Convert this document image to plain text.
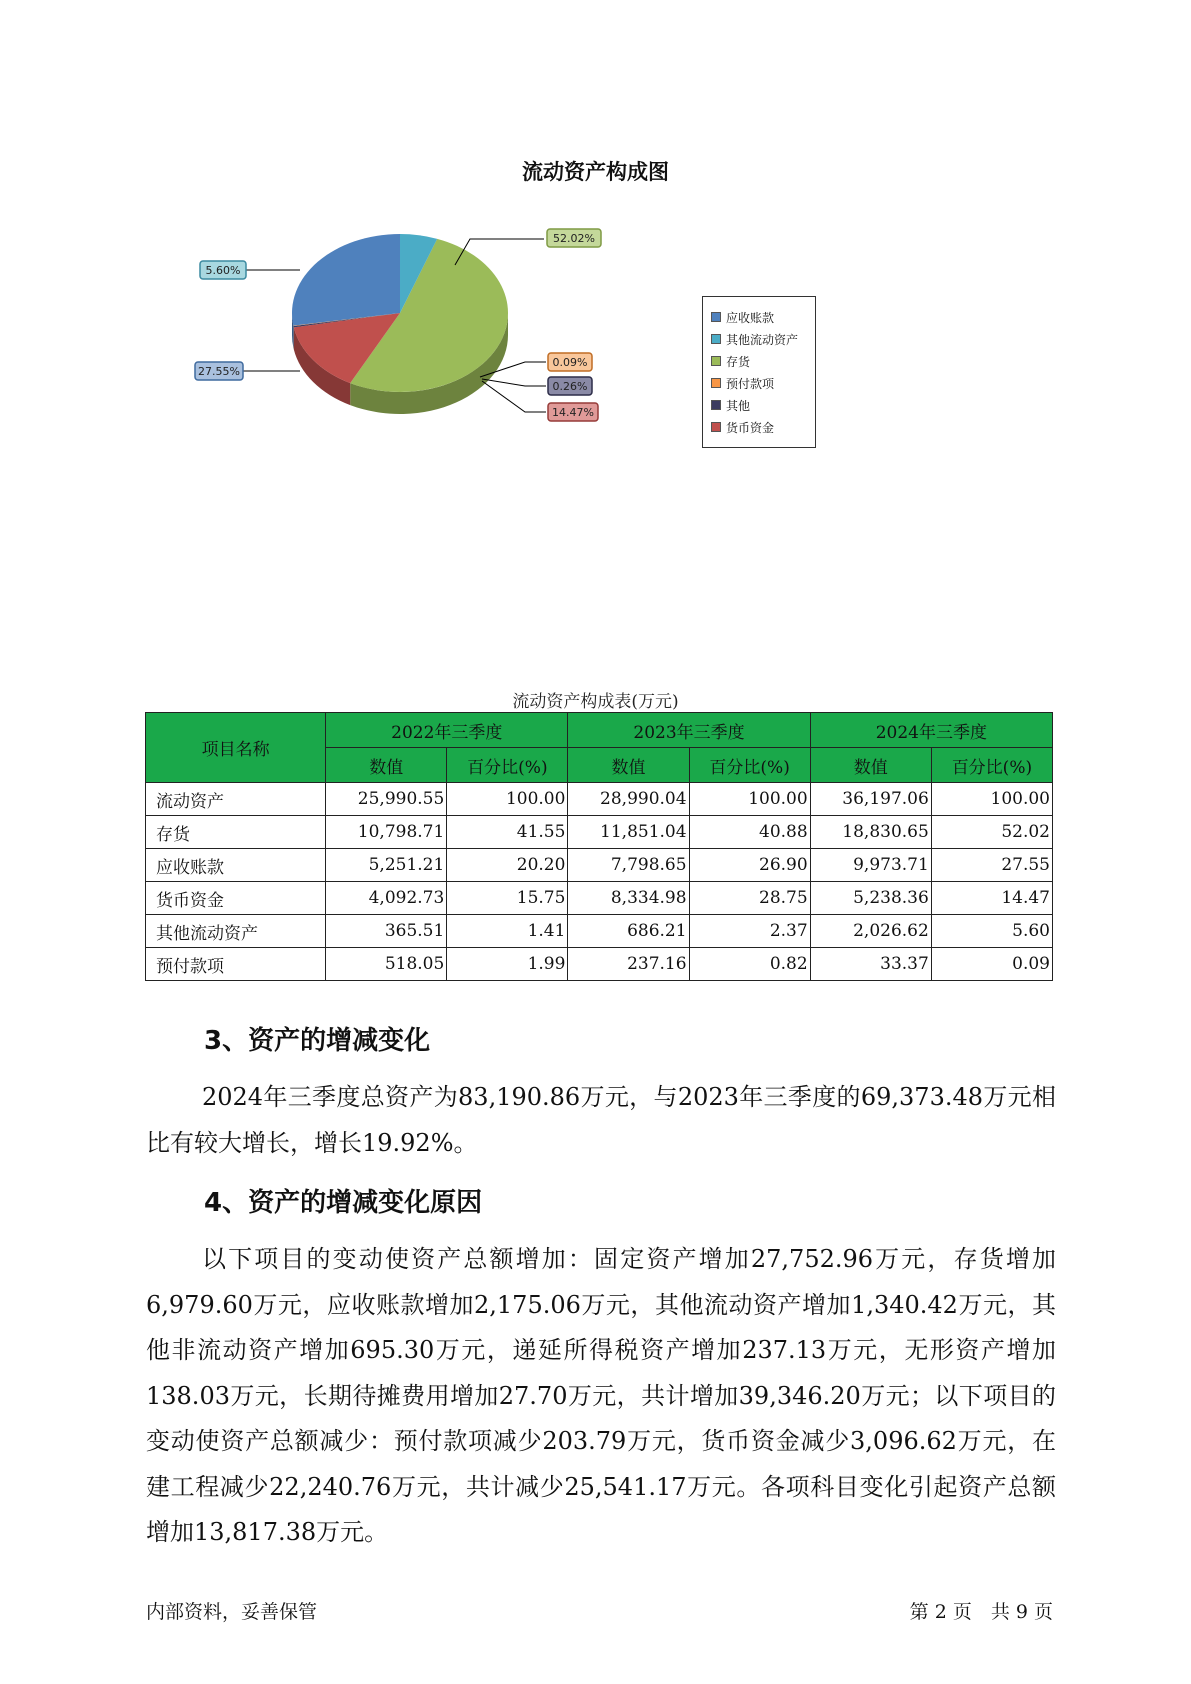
流动资产构成图
52.02%
5.60%
27.55%
0.09%
0.26%
14.47%
应收账款
其他流动资产
存货
预付款项
其他
货币资金
流动资产构成表(万元)
项目名称	2022年三季度		2023年三季度		2024年三季度	
	数值	百分比(%)	数值	百分比(%)	数值	百分比(%)
流动资产	25,990.55	100.00	28,990.04	100.00	36,197.06	100.00
存货	10,798.71	41.55	11,851.04	40.88	18,830.65	52.02
应收账款	5,251.21	20.20	7,798.65	26.90	9,973.71	27.55
货币资金	4,092.73	15.75	8,334.98	28.75	5,238.36	14.47
其他流动资产	365.51	1.41	686.21	2.37	2,026.62	5.60
预付款项	518.05	1.99	237.16	0.82	33.37	0.09
3、资产的增减变化

2024年三季度总资产为83,190.86万元，与2023年三季度的69,373.48万元相比有较大增长，增长19.92%。

4、资产的增减变化原因

以下项目的变动使资产总额增加：固定资产增加27,752.96万元，存货增加6,979.60万元，应收账款增加2,175.06万元，其他流动资产增加1,340.42万元，其他非流动资产增加695.30万元，递延所得税资产增加237.13万元，无形资产增加138.03万元，长期待摊费用增加27.70万元，共计增加39,346.20万元；以下项目的变动使资产总额减少：预付款项减少203.79万元，货币资金减少3,096.62万元，在建工程减少22,240.76万元，共计减少25,541.17万元。各项科目变化引起资产总额增加13,817.38万元。

内部资料，妥善保管	第 2 页　共 9 页
